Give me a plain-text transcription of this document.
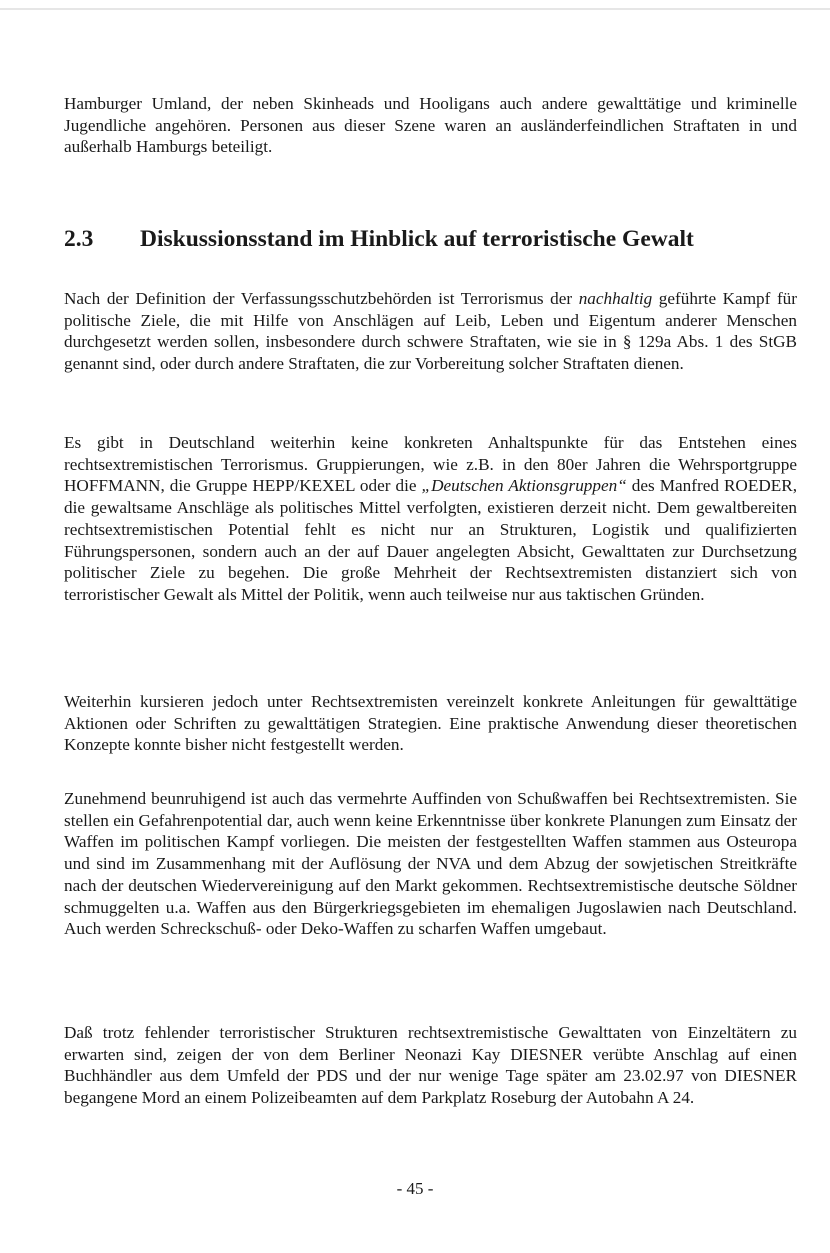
Hamburger Umland, der neben Skinheads und Hooligans auch andere gewalttätige und kriminelle Jugendliche angehören. Personen aus dieser Szene waren an ausländerfeindlichen Straftaten in und außerhalb Hamburgs beteiligt.

2.3	Diskussionsstand im Hinblick auf terroristische Gewalt

Nach der Definition der Verfassungsschutzbehörden ist Terrorismus der nachhaltig geführte Kampf für politische Ziele, die mit Hilfe von Anschlägen auf Leib, Leben und Eigentum anderer Menschen durchgesetzt werden sollen, insbesondere durch schwere Straftaten, wie sie in § 129a Abs. 1 des StGB genannt sind, oder durch andere Straftaten, die zur Vorbereitung solcher Straftaten dienen.

Es gibt in Deutschland weiterhin keine konkreten Anhaltspunkte für das Entstehen eines rechtsextremistischen Terrorismus. Gruppierungen, wie z.B. in den 80er Jahren die Wehrsportgruppe HOFFMANN, die Gruppe HEPP/KEXEL oder die „Deutschen Aktionsgruppen“ des Manfred ROEDER, die gewaltsame Anschläge als politisches Mittel verfolgten, existieren derzeit nicht. Dem gewaltbereiten rechtsextremistischen Potential fehlt es nicht nur an Strukturen, Logistik und qualifizierten Führungspersonen, sondern auch an der auf Dauer angelegten Absicht, Gewalttaten zur Durchsetzung politischer Ziele zu begehen. Die große Mehrheit der Rechtsextremisten distanziert sich von terroristischer Gewalt als Mittel der Politik, wenn auch teilweise nur aus taktischen Gründen.

Weiterhin kursieren jedoch unter Rechtsextremisten vereinzelt konkrete Anleitungen für gewalttätige Aktionen oder Schriften zu gewalttätigen Strategien. Eine praktische Anwendung dieser theoretischen Konzepte konnte bisher nicht festgestellt werden.

Zunehmend beunruhigend ist auch das vermehrte Auffinden von Schußwaffen bei Rechtsextremisten. Sie stellen ein Gefahrenpotential dar, auch wenn keine Erkenntnisse über konkrete Planungen zum Einsatz der Waffen im politischen Kampf vorliegen. Die meisten der festgestellten Waffen stammen aus Osteuropa und sind im Zusammenhang mit der Auflösung der NVA und dem Abzug der sowjetischen Streitkräfte nach der deutschen Wiedervereinigung auf den Markt gekommen. Rechtsextremistische deutsche Söldner schmuggelten u.a. Waffen aus den Bürgerkriegsgebieten im ehemaligen Jugoslawien nach Deutschland. Auch werden Schreckschuß- oder Deko-Waffen zu scharfen Waffen umgebaut.

Daß trotz fehlender terroristischer Strukturen rechtsextremistische Gewalttaten von Einzeltätern zu erwarten sind, zeigen der von dem Berliner Neonazi Kay DIESNER verübte Anschlag auf einen Buchhändler aus dem Umfeld der PDS und der nur wenige Tage später am 23.02.97 von DIESNER begangene Mord an einem Polizeibeamten auf dem Parkplatz Roseburg der Autobahn A 24.

- 45 -
